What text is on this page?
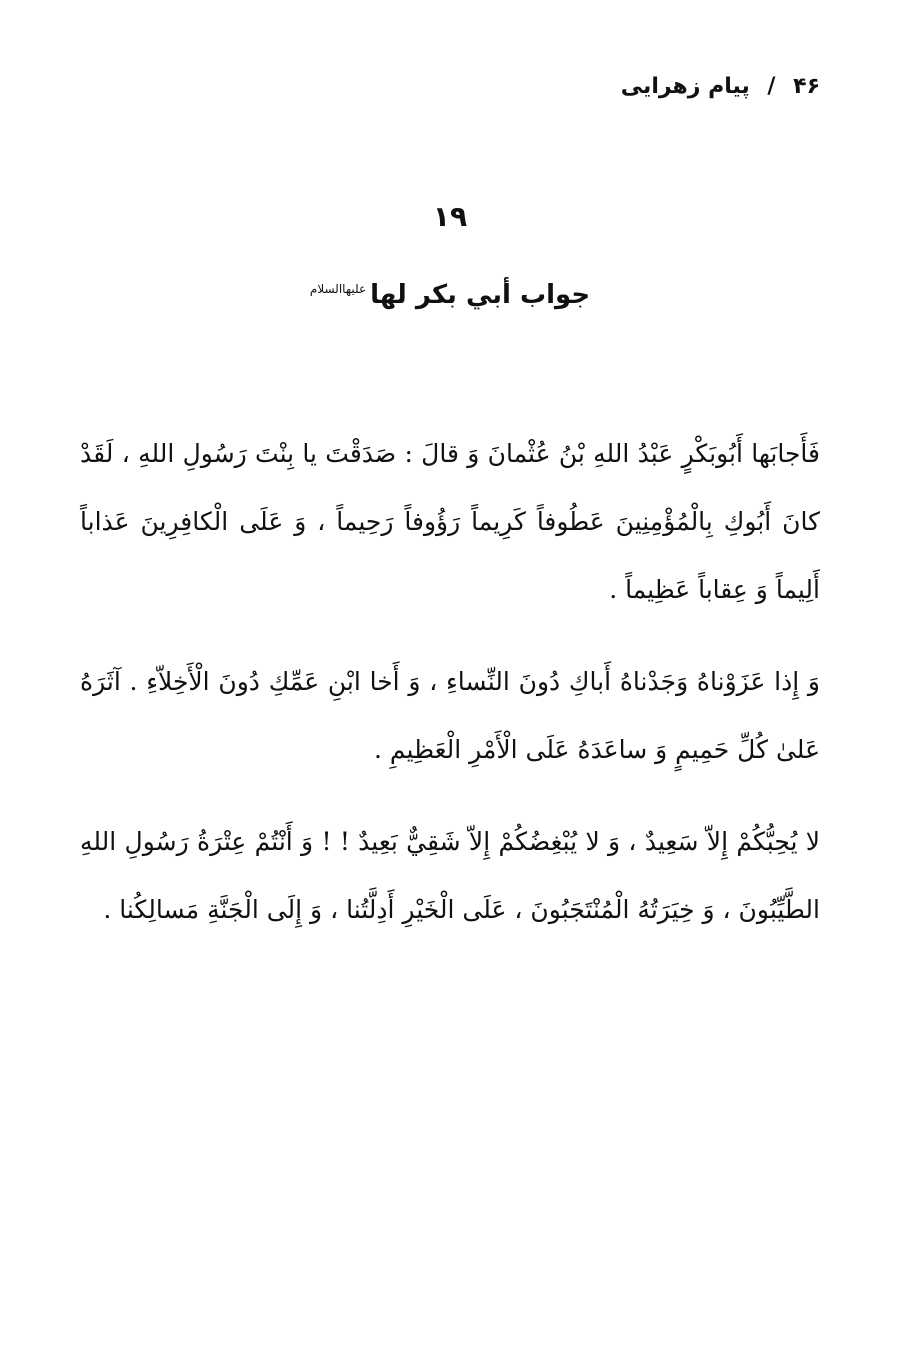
۴۶ / پیام زهرایی
۱۹
جواب أبي بكر لها$^{عليهاالسلام}$

فَأَجابَها أَبُوبَكْرٍ عَبْدُ اللهِ بْنُ عُثْمانَ وَ قالَ : صَدَقْتَ يا بِنْتَ رَسُولِ اللهِ ، لَقَدْ كانَ أَبُوكِ بِالْمُؤْمِنِينَ عَطُوفاً كَرِيماً رَؤُوفاً رَحِيماً ، وَ عَلَى الْكافِرِينَ عَذاباً أَلِيماً وَ عِقاباً عَظِيماً .

وَ إِذا عَزَوْناهُ وَجَدْناهُ أَباكِ دُونَ النِّساءِ ، وَ أَخا ابْنِ عَمِّكِ دُونَ الْأَخِلاّءِ . آثَرَهُ عَلىٰ كُلِّ حَمِيمٍ وَ ساعَدَهُ عَلَى الْأَمْرِ الْعَظِيمِ .

لا يُحِبُّكُمْ إِلاّ سَعِيدٌ ، وَ لا يُبْغِضُكُمْ إِلاّ شَقِيٌّ بَعِيدٌ ! ! وَ أَنْتُمْ عِتْرَةُ رَسُولِ اللهِ الطَّيِّبُونَ ، وَ خِيَرَتُهُ الْمُنْتَجَبُونَ ، عَلَى الْخَيْرِ أَدِلَّتُنا ، وَ إِلَى الْجَنَّةِ مَسالِكُنا .
